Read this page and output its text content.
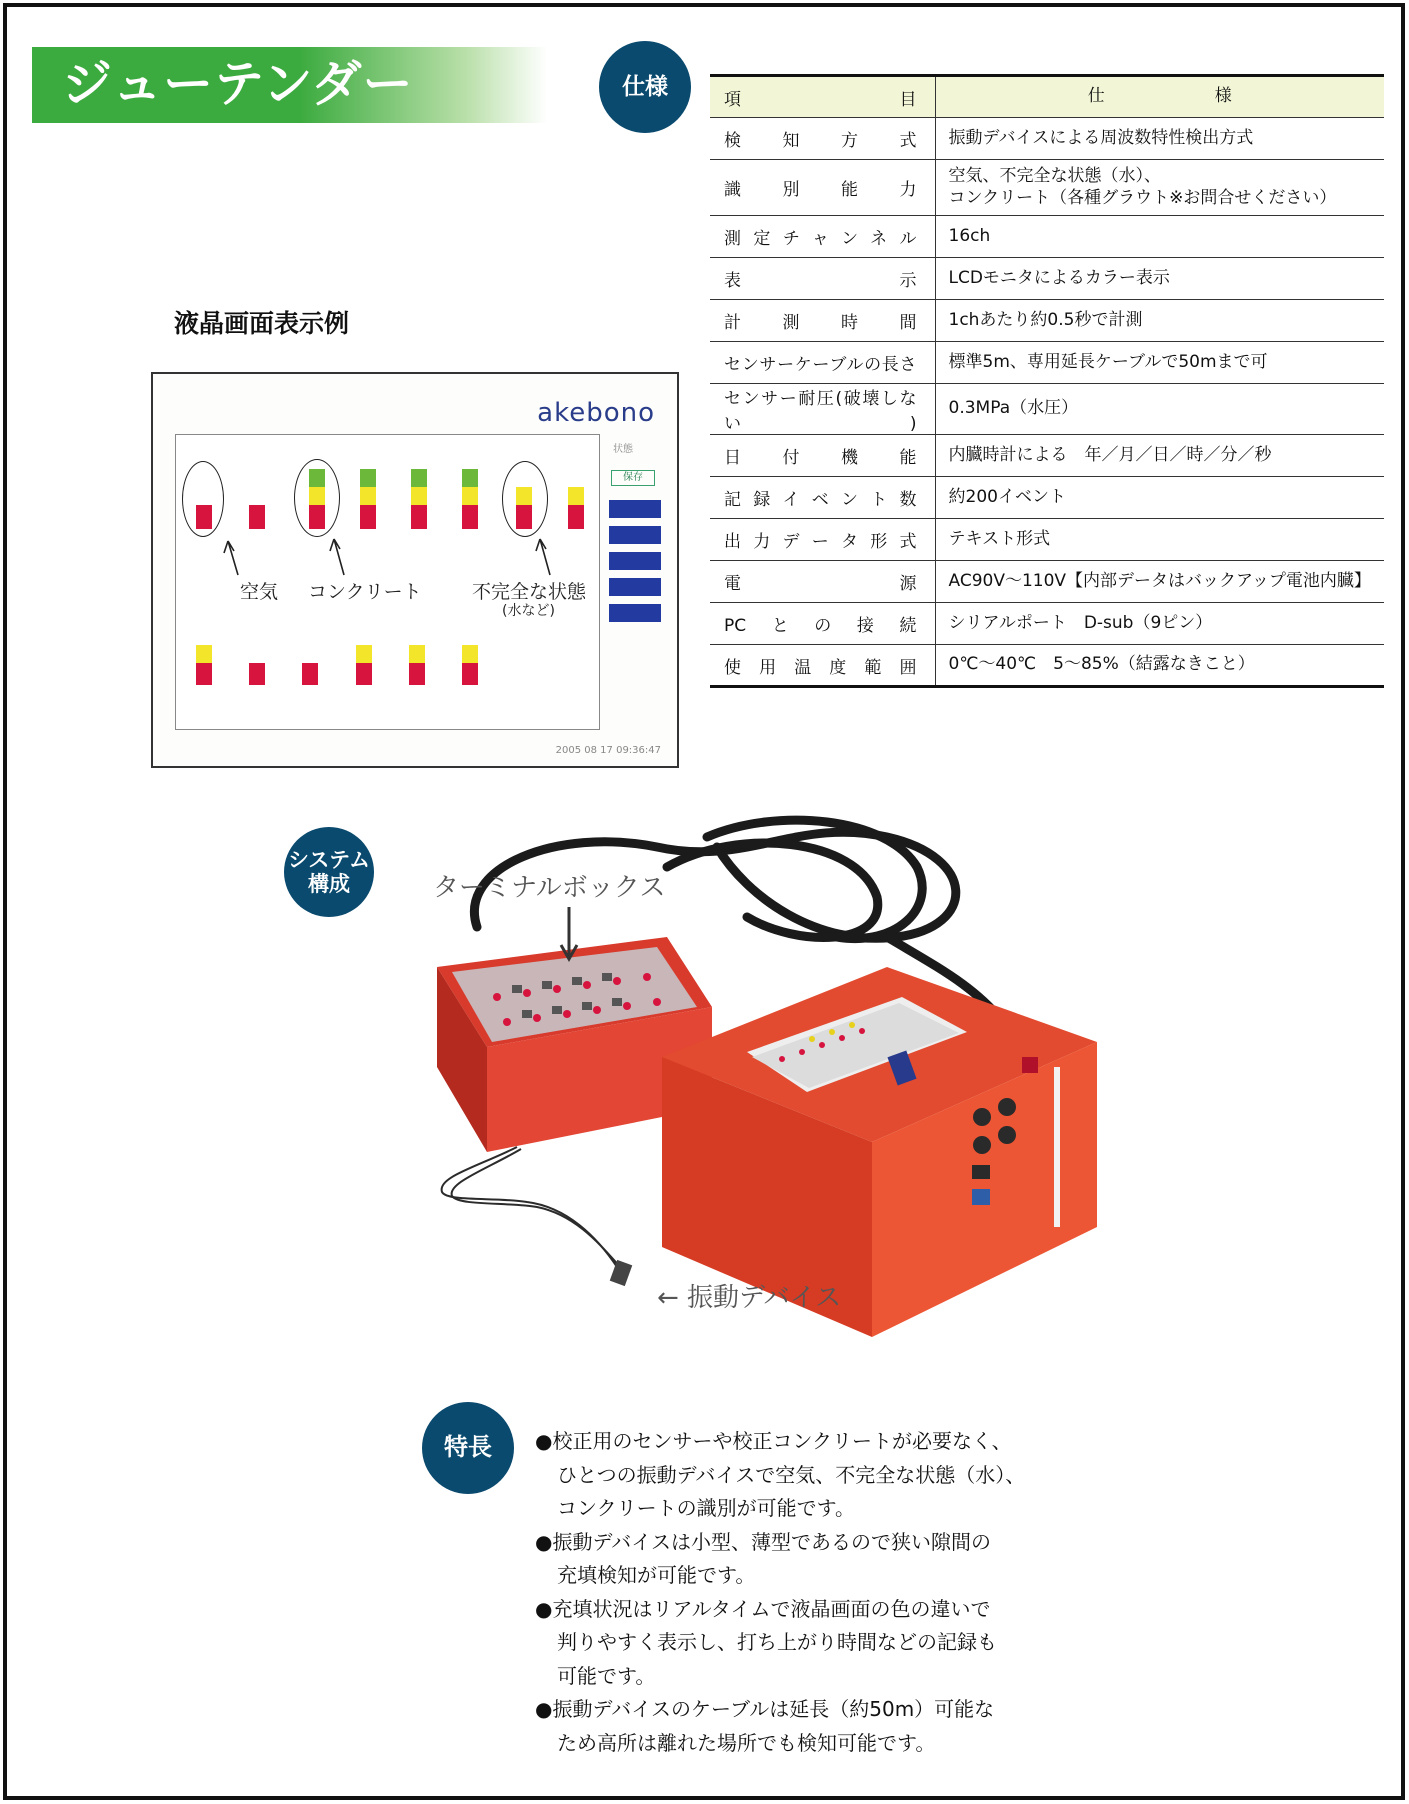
ジューテンダー	仕様	項目	仕様
検知方式	振動デバイスによる周波数特性検出方式
識別能力	空気、不完全な状態（水）、
コンクリート（各種グラウト※お問合せください）

測定チャンネル	16ch
表示	LCDモニタによるカラー表示
計測時間	1chあたり約0.5秒で計測
センサーケーブルの長さ	標準5m、専用延長ケーブルで50mまで可
センサー耐圧(破壊しない)	0.3MPa（水圧）
日付機能	内臓時計による　年／月／日／時／分／秒
記録イベント数	約200イベント
出力データ形式	テキスト形式
電源	AC90V～110V【内部データはバックアップ電池内臓】
PCとの接続	シリアルポート　D-sub（9ピン）
使用温度範囲	0℃～40℃　5～85%（結露なきこと）
液晶画面表示例
akebono
状態
保存
空気 コンクリート	不完全な状態
(水など)
2005 08 17 09:36:47
システム
構成	ターミナルボックス
← 振動デバイス
特長	●校正用のセンサーや校正コンクリートが必要なく、
ひとつの振動デバイスで空気、不完全な状態（水）、
コンクリートの識別が可能です。
●振動デバイスは小型、薄型であるので狭い隙間の
充填検知が可能です。
●充填状況はリアルタイムで液晶画面の色の違いで
判りやすく表示し、打ち上がり時間などの記録も
可能です。
●振動デバイスのケーブルは延長（約50m）可能な
ため高所は離れた場所でも検知可能です。
